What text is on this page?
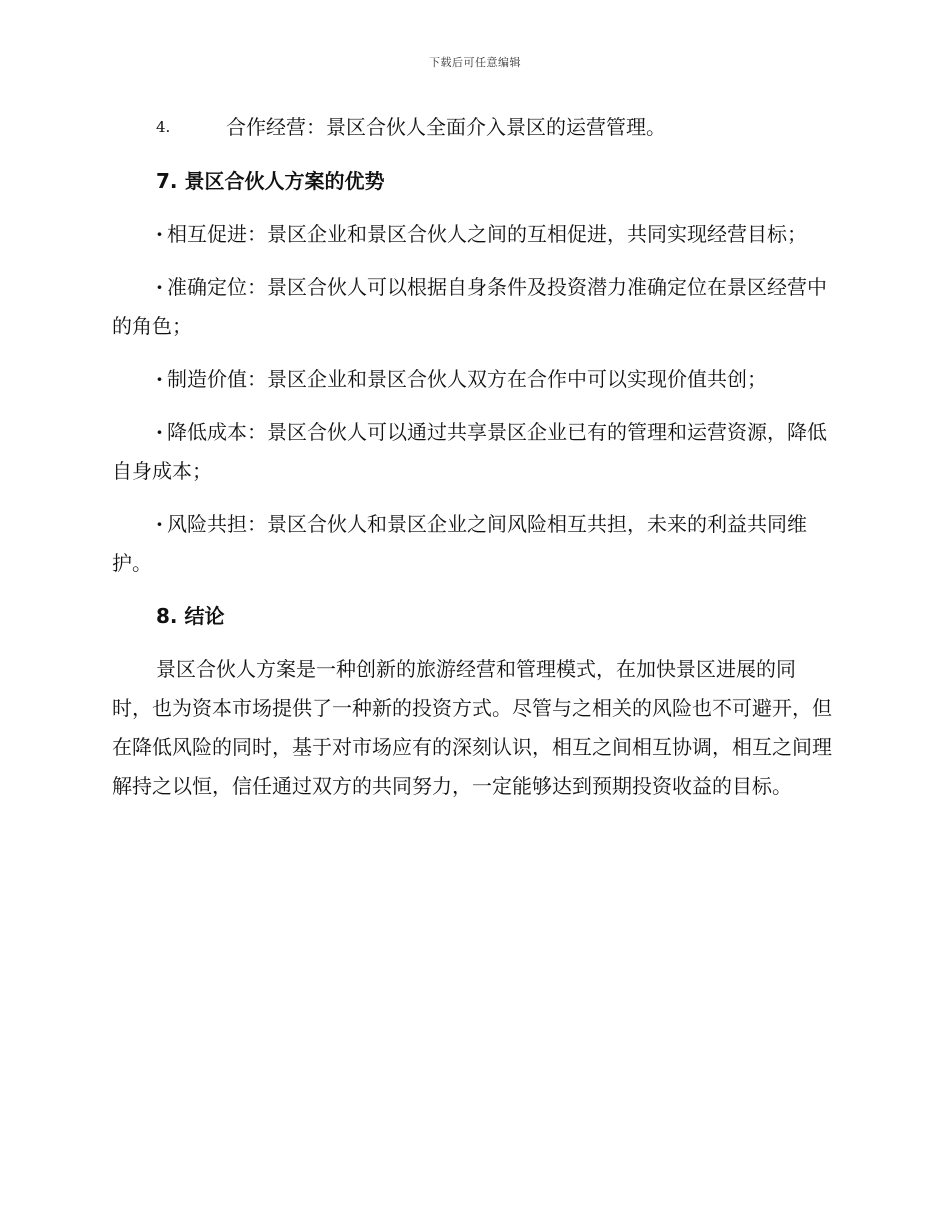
下载后可任意编辑
4.	合作经营：景区合伙人全面介入景区的运营管理。

7. 景区合伙人方案的优势

· 相互促进：景区企业和景区合伙人之间的互相促进，共同实现经营目标；

· 准确定位：景区合伙人可以根据自身条件及投资潜力准确定位在景区经营中的角色；

· 制造价值：景区企业和景区合伙人双方在合作中可以实现价值共创；

· 降低成本：景区合伙人可以通过共享景区企业已有的管理和运营资源，降低自身成本；

· 风险共担：景区合伙人和景区企业之间风险相互共担，未来的利益共同维护。

8. 结论

景区合伙人方案是一种创新的旅游经营和管理模式，在加快景区进展的同时，也为资本市场提供了一种新的投资方式。尽管与之相关的风险也不可避开，但在降低风险的同时，基于对市场应有的深刻认识，相互之间相互协调，相互之间理解持之以恒，信任通过双方的共同努力，一定能够达到预期投资收益的目标。
